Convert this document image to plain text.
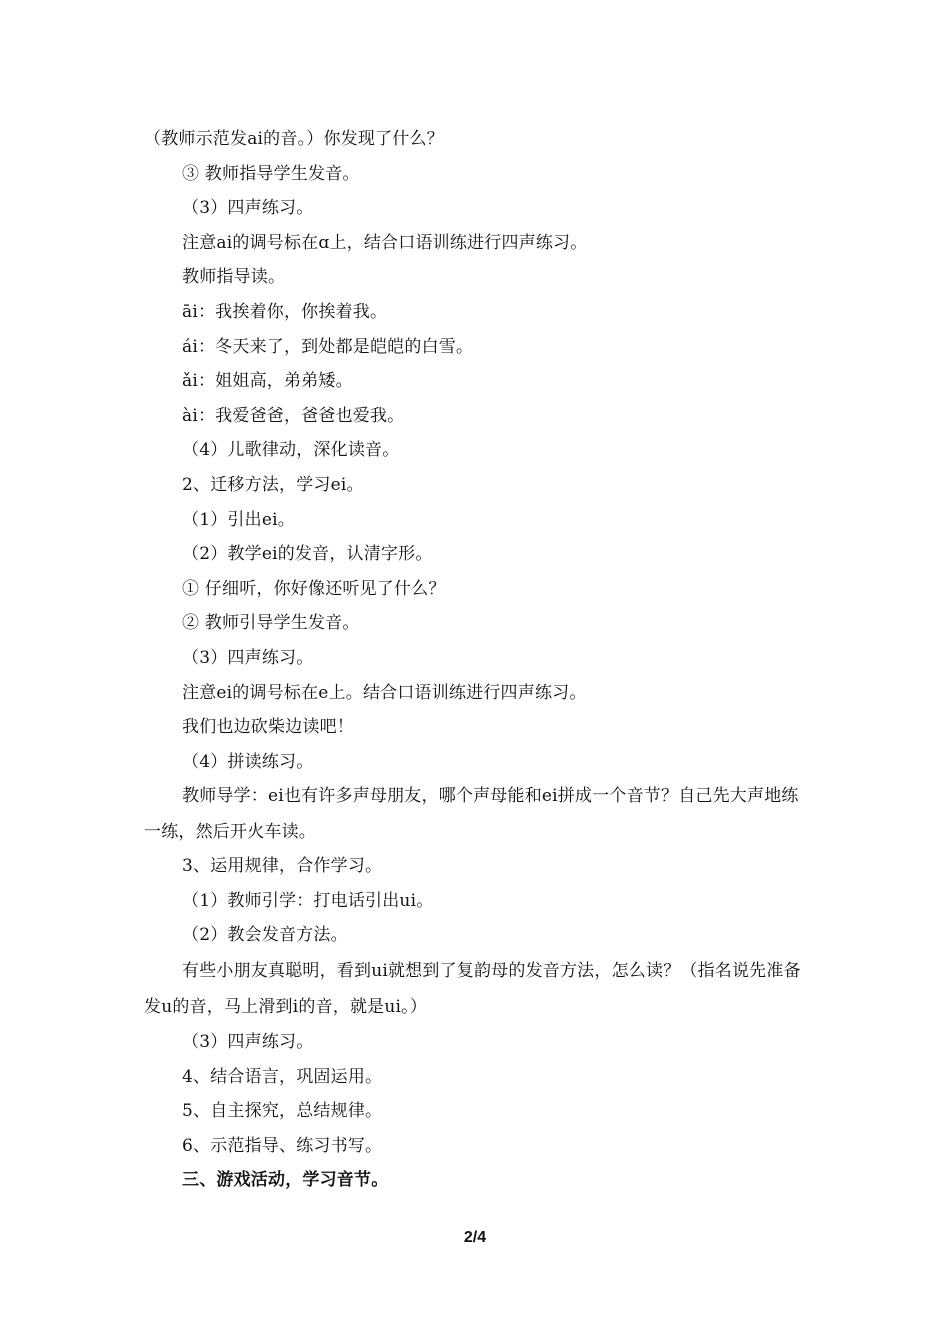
（教师示范发ai的音。）你发现了什么？
③ 教师指导学生发音。
（3）四声练习。
注意ai的调号标在ɑ上，结合口语训练进行四声练习。
教师指导读。
āi：我挨着你，你挨着我。
ái：冬天来了，到处都是皑皑的白雪。
ǎi：姐姐高，弟弟矮。
ài：我爱爸爸，爸爸也爱我。
（4）儿歌律动，深化读音。
2、迁移方法，学习ei。
（1）引出ei。
（2）教学ei的发音，认清字形。
① 仔细听，你好像还听见了什么？
② 教师引导学生发音。
（3）四声练习。
注意ei的调号标在e上。结合口语训练进行四声练习。
我们也边砍柴边读吧！
（4）拼读练习。
教师导学：ei也有许多声母朋友，哪个声母能和ei拼成一个音节？自己先大声地练一练，然后开火车读。
3、运用规律，合作学习。
（1）教师引学：打电话引出ui。
（2）教会发音方法。
有些小朋友真聪明，看到ui就想到了复韵母的发音方法，怎么读？（指名说先准备发u的音，马上滑到i的音，就是ui。）
（3）四声练习。
4、结合语言，巩固运用。
5、自主探究，总结规律。
6、示范指导、练习书写。
三、游戏活动，学习音节。
2/4
